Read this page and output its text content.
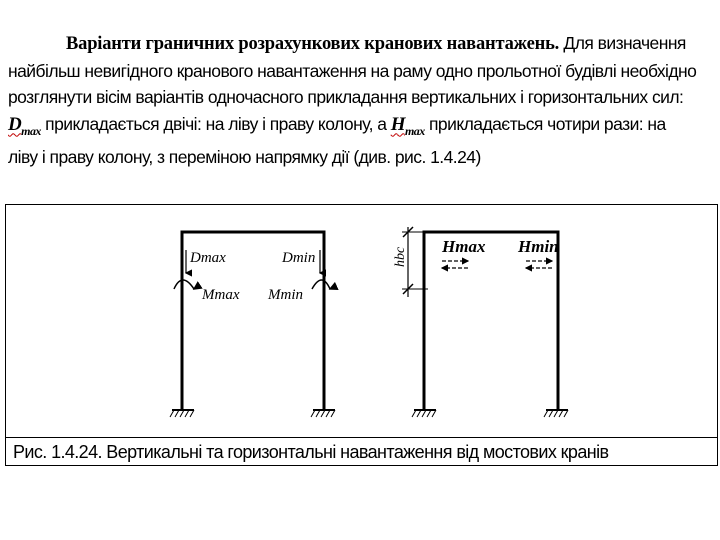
Варіанти граничних розрахункових кранових навантажень. Для визначення
найбільш невигідного кранового навантаження на раму одно прольотної будівлі необхідно
розглянути вісім варіантів одночасного прикладання вертикальних і горизонтальних сил:
$D_{max}$ прикладається двічі: на ліву і праву колону, а $H_{max}$ прикладається чотири рази: на
ліву і праву колону, з переміною напрямку дії (див. рис. 1.4.24)
Dmax
Mmax
Dmin
Mmin
hbc
Hmax Hmin
Рис. 1.4.24. Вертикальні та горизонтальні навантаження від мостових кранів
